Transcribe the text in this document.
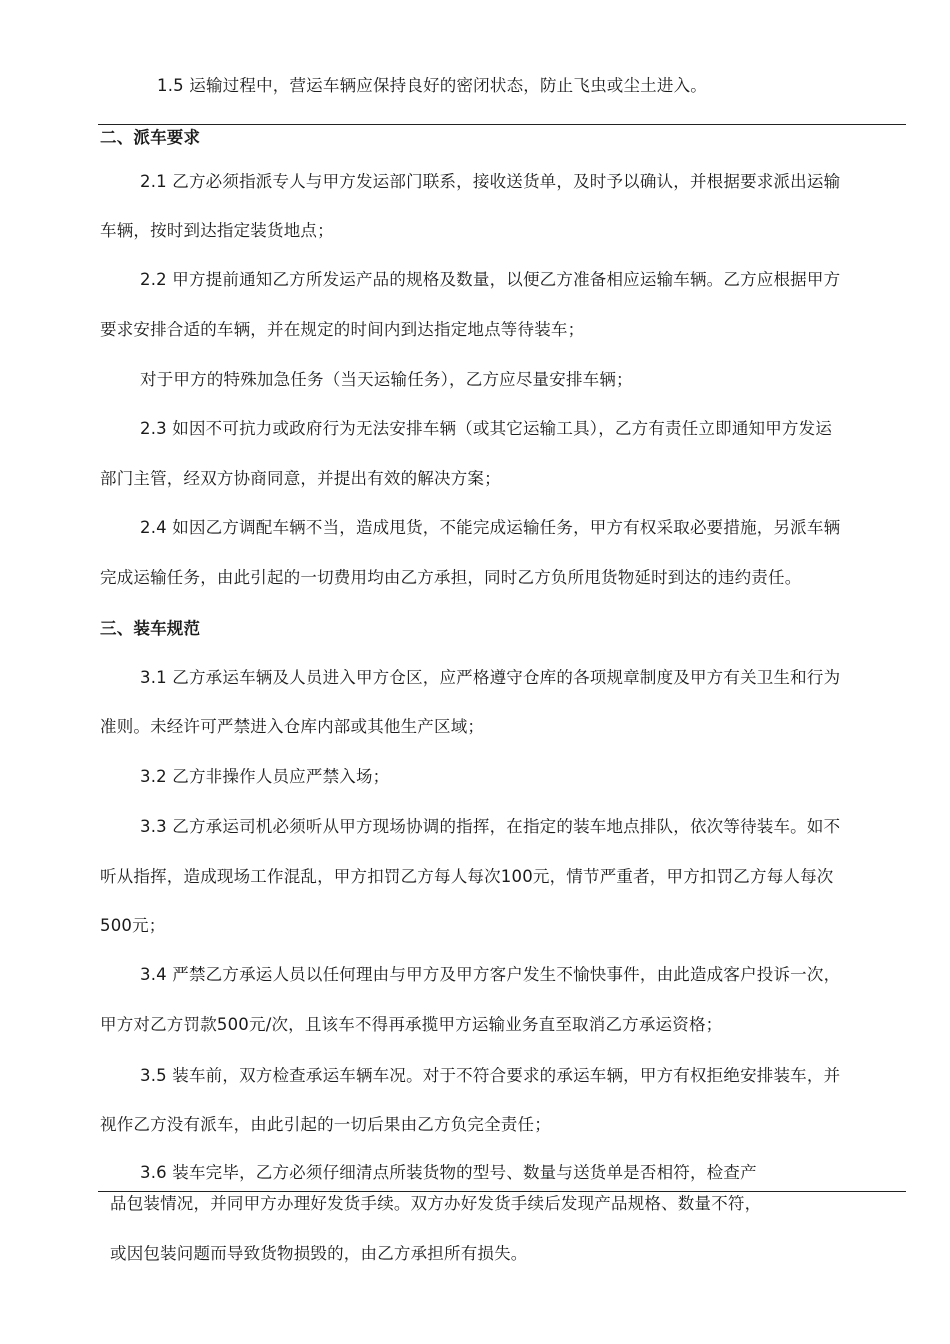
1.5 运输过程中，营运车辆应保持良好的密闭状态，防止飞虫或尘土进入。
二、派车要求
2.1 乙方必须指派专人与甲方发运部门联系，接收送货单，及时予以确认，并根据要求派出运输
车辆，按时到达指定装货地点；
2.2 甲方提前通知乙方所发运产品的规格及数量，以便乙方准备相应运输车辆。乙方应根据甲方
要求安排合适的车辆，并在规定的时间内到达指定地点等待装车；
对于甲方的特殊加急任务（当天运输任务），乙方应尽量安排车辆；
2.3 如因不可抗力或政府行为无法安排车辆（或其它运输工具），乙方有责任立即通知甲方发运
部门主管，经双方协商同意，并提出有效的解决方案；
2.4 如因乙方调配车辆不当，造成甩货，不能完成运输任务，甲方有权采取必要措施，另派车辆
完成运输任务，由此引起的一切费用均由乙方承担，同时乙方负所甩货物延时到达的违约责任。
三、装车规范
3.1 乙方承运车辆及人员进入甲方仓区，应严格遵守仓库的各项规章制度及甲方有关卫生和行为
准则。未经许可严禁进入仓库内部或其他生产区域；
3.2 乙方非操作人员应严禁入场；
3.3 乙方承运司机必须听从甲方现场协调的指挥，在指定的装车地点排队，依次等待装车。如不
听从指挥，造成现场工作混乱，甲方扣罚乙方每人每次100元，情节严重者，甲方扣罚乙方每人每次
500元；
3.4 严禁乙方承运人员以任何理由与甲方及甲方客户发生不愉快事件，由此造成客户投诉一次，
甲方对乙方罚款500元/次，且该车不得再承揽甲方运输业务直至取消乙方承运资格；
3.5 装车前，双方检查承运车辆车况。对于不符合要求的承运车辆，甲方有权拒绝安排装车，并
视作乙方没有派车，由此引起的一切后果由乙方负完全责任；
3.6 装车完毕，乙方必须仔细清点所装货物的型号、数量与送货单是否相符，检查产
品包装情况，并同甲方办理好发货手续。双方办好发货手续后发现产品规格、数量不符，
或因包装问题而导致货物损毁的，由乙方承担所有损失。
